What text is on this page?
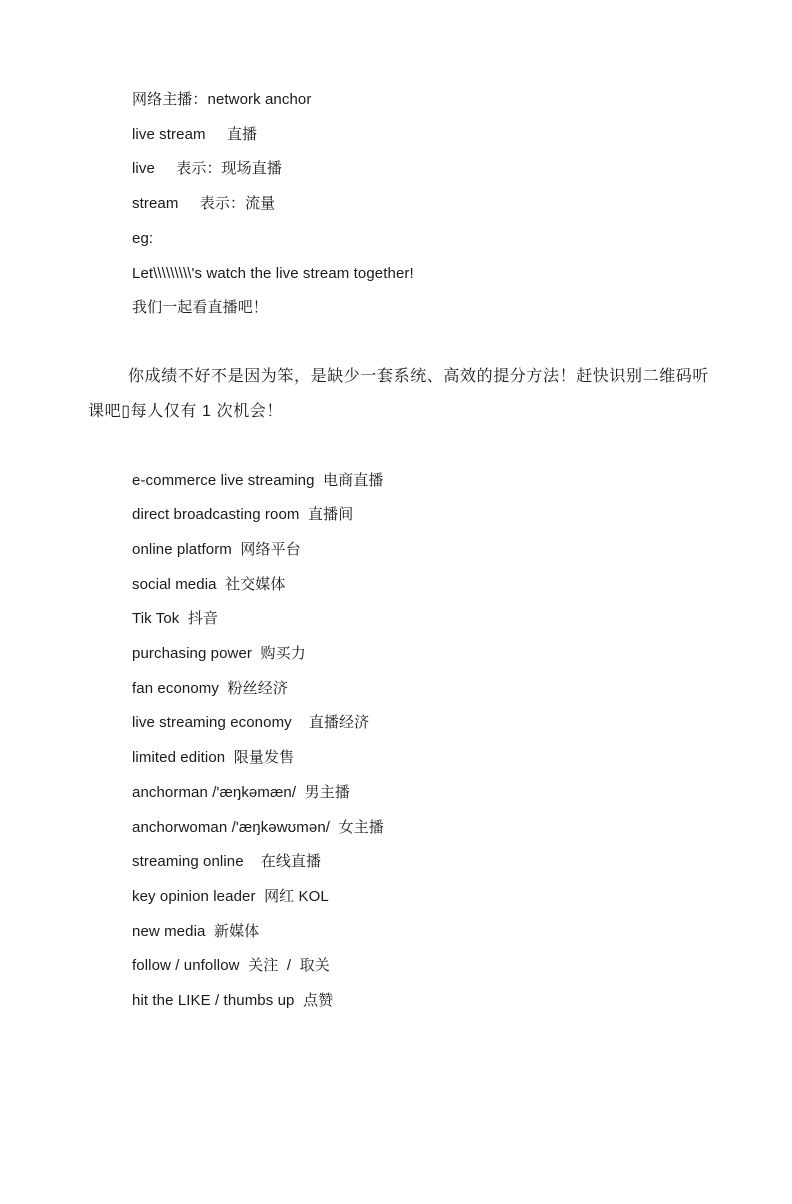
网络主播：network anchor

live stream     直播

live     表示：现场直播

stream     表示：流量

eg:

Let\\\\\\\\\'s watch the live stream together!

我们一起看直播吧！

你成绩不好不是因为笨，是缺少一套系统、高效的提分方法！赶快识别二维码听课吧▯每人仅有 1 次机会！

e-commerce live streaming  电商直播

direct broadcasting room  直播间

online platform  网络平台

social media  社交媒体

Tik Tok  抖音

purchasing power  购买力

fan economy  粉丝经济

live streaming economy    直播经济

limited edition  限量发售

anchorman /'æŋkəmæn/  男主播

anchorwoman /'æŋkəwʊmən/  女主播

streaming online    在线直播

key opinion leader  网红 KOL

new media  新媒体

follow / unfollow  关注  /  取关

hit the LIKE / thumbs up  点赞
